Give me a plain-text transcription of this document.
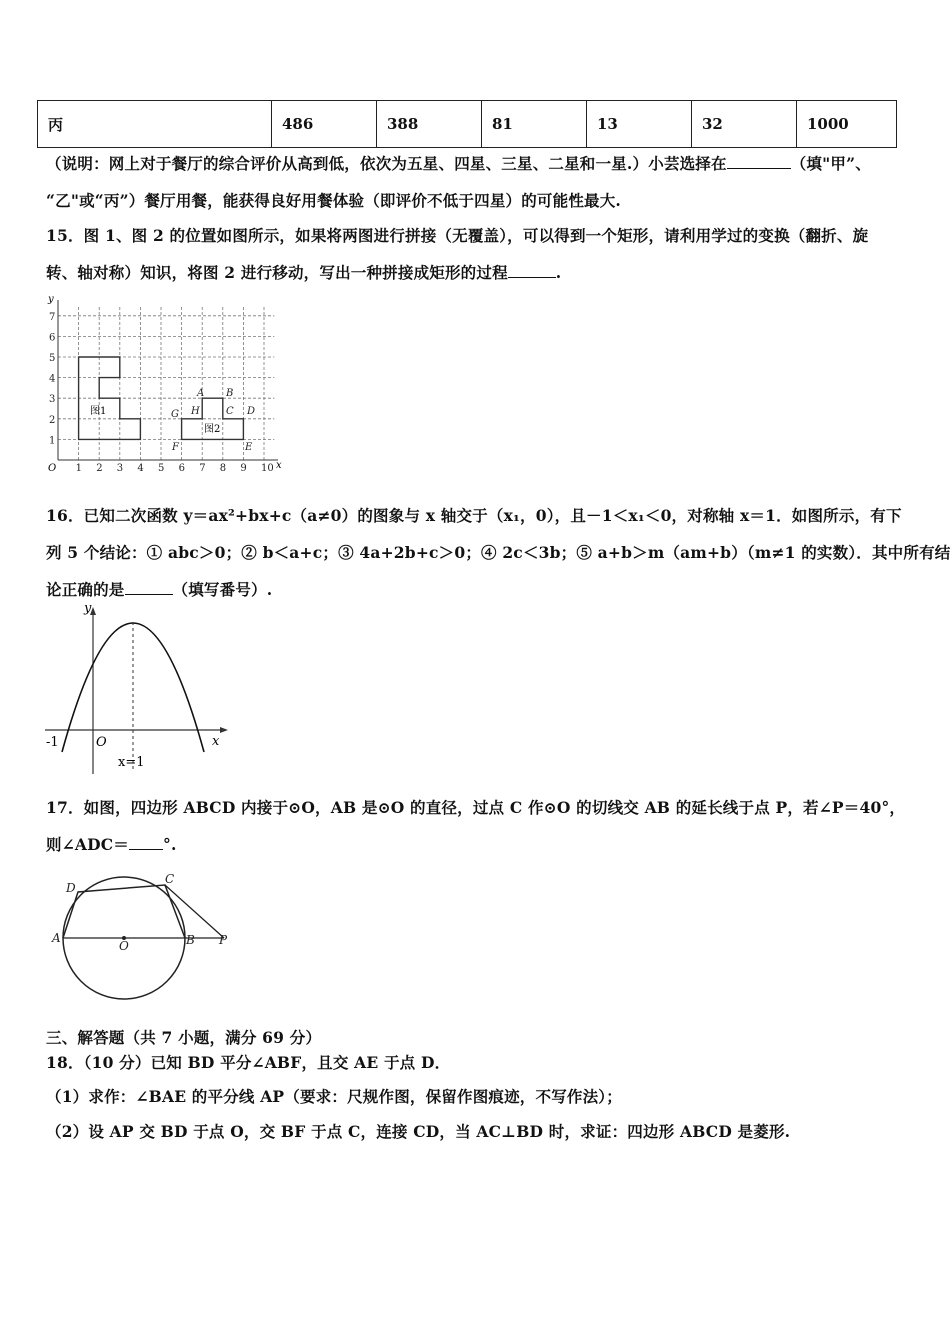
丙	486	388	81	13	32	1000
（说明：网上对于餐厅的综合评价从高到低，依次为五星、四星、三星、二星和一星.）小芸选择在	（填"甲”、
“乙"或“丙”）餐厅用餐，能获得良好用餐体验（即评价不低于四星）的可能性最大.
15．图 1、图 2 的位置如图所示，如果将两图进行拼接（无覆盖），可以得到一个矩形，请利用学过的变换（翻折、旋
转、轴对称）知识，将图 2 进行移动，写出一种拼接成矩形的过程	.
1 2 3 4 5 6 7 8 9 10
1
2
3
4
5
6
7
x
y
O
图1
图2
A B
C D
E
F
G H
16．已知二次函数 y＝ax²+bx+c（a≠0）的图象与 x 轴交于（x₁，0），且－1＜x₁＜0，对称轴 x＝1．如图所示，有下
列 5 个结论：① abc＞0；② b＜a+c；③ 4a+2b+c＞0；④ 2c＜3b；⑤ a+b＞m（am+b）（m≠1 的实数）．其中所有结
论正确的是	（填写番号）.
y
x
O
-1
x=1
17．如图，四边形 ABCD 内接于⊙O，AB 是⊙O 的直径，过点 C 作⊙O 的切线交 AB 的延长线于点 P，若∠P＝40°，
则∠ADC＝ °.
D
C
A
O	B P
三、解答题（共 7 小题，满分 69 分）
18．（10 分）已知 BD 平分∠ABF，且交 AE 于点 D．
（1）求作：∠BAE 的平分线 AP（要求：尺规作图，保留作图痕迹，不写作法）；
（2）设 AP 交 BD 于点 O，交 BF 于点 C，连接 CD，当 AC⊥BD 时，求证：四边形 ABCD 是菱形.
